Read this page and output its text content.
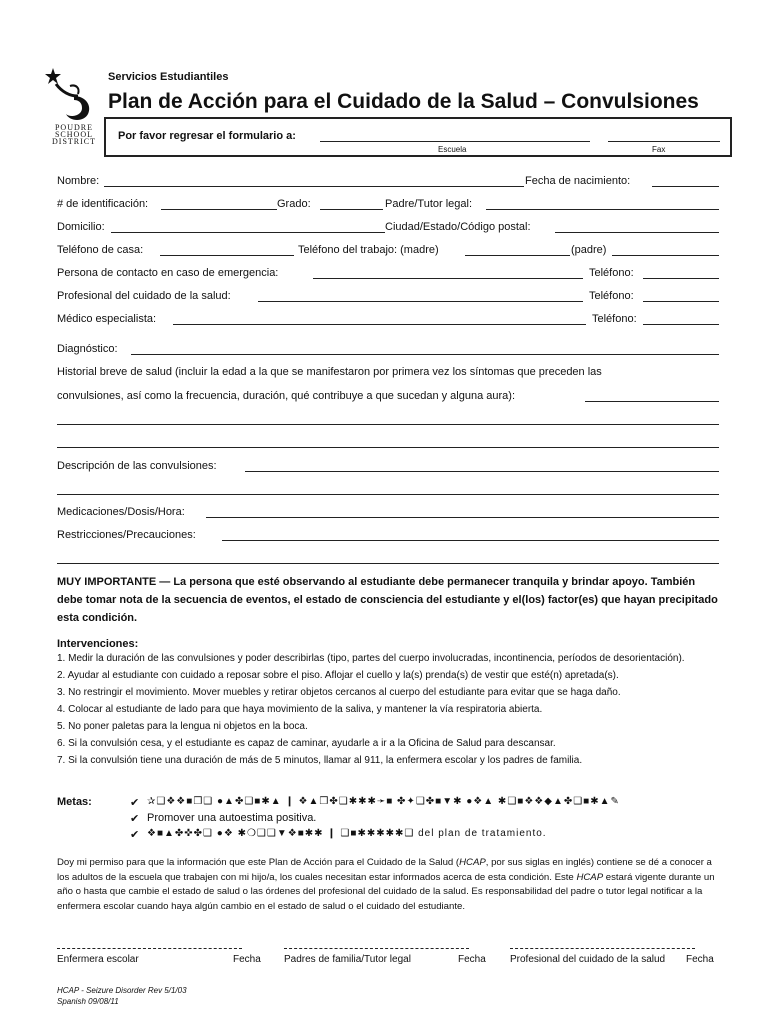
POUDRE
SCHOOL
DISTRICT
Servicios Estudiantiles
Plan de Acción para el Cuidado de la Salud – Convulsiones
Por favor regresar el formulario a:
Escuela	Fax
Nombre:	Fecha de nacimiento:
# de identificación:	Grado:	Padre/Tutor legal:
Domicilio:	Ciudad/Estado/Código postal:
Teléfono de casa:	Teléfono del trabajo: (madre)	(padre)
Persona de contacto en caso de emergencia:	Teléfono:
Profesional del cuidado de la salud:	Teléfono:
Médico especialista:	Teléfono:
Diagnóstico:
Historial breve de salud (incluir la edad a la que se manifestaron por primera vez los síntomas que preceden las
convulsiones, así como la frecuencia, duración, qué contribuye a que sucedan y alguna aura):
Descripción de las convulsiones:
Medicaciones/Dosis/Hora:
Restricciones/Precauciones:
MUY IMPORTANTE — La persona que esté observando al estudiante debe permanecer tranquila y brindar apoyo. También debe tomar nota de la secuencia de eventos, el estado de consciencia del estudiante y el(los) factor(es) que hayan precipitado esta condición.
Intervenciones:
1. Medir la duración de las convulsiones y poder describirlas (tipo, partes del cuerpo involucradas, incontinencia, períodos de desorientación).
2. Ayudar al estudiante con cuidado a reposar sobre el piso. Aflojar el cuello y la(s) prenda(s) de vestir que esté(n) apretada(s).
3. No restringir el movimiento. Mover muebles y retirar objetos cercanos al cuerpo del estudiante para evitar que se haga daño.
4. Colocar al estudiante de lado para que haya movimiento de la saliva, y mantener la vía respiratoria abierta.
5. No poner paletas para la lengua ni objetos en la boca.
6. Si la convulsión cesa, y el estudiante es capaz de caminar, ayudarle a ir a la Oficina de Salud para descansar.
7. Si la convulsión tiene una duración de más de 5 minutos, llamar al 911, la enfermera escolar y los padres de familia.
Metas:	✔ ✰❑❖❖■❒❑ ●▲✤❑■✱▲ ❙ ❖▲❒✤❑✱✱✱➛■ ✤✦❑✤■▼✱ ●❖▲ ✱❑■❖❖◆▲✤❑■✱▲✎
✔ Promover una autoestima positiva.
✔ ❖■▲✤✜✤❑ ●❖ ✱❍❑❑▼❖■✱✱ ❙ ❑■✱✱✱✱✱❑ del plan de tratamiento.
Doy mi permiso para que la información que este Plan de Acción para el Cuidado de la Salud (HCAP, por sus siglas en inglés) contiene se dé a conocer a los adultos de la escuela que trabajen con mi hijo/a, los cuales necesitan estar informados acerca de esta condición. Este HCAP estará vigente durante un año o hasta que cambie el estado de salud o las órdenes del profesional del cuidado de la salud. Es responsabilidad del padre o tutor legal notificar a la enfermera escolar cuando haya algún cambio en el estado de salud o el cuidado del estudiante.
Enfermera escolar	Fecha Padres de familia/Tutor legal	Fecha Profesional del cuidado de la salud Fecha
HCAP - Seizure Disorder Rev 5/1/03
Spanish 09/08/11
